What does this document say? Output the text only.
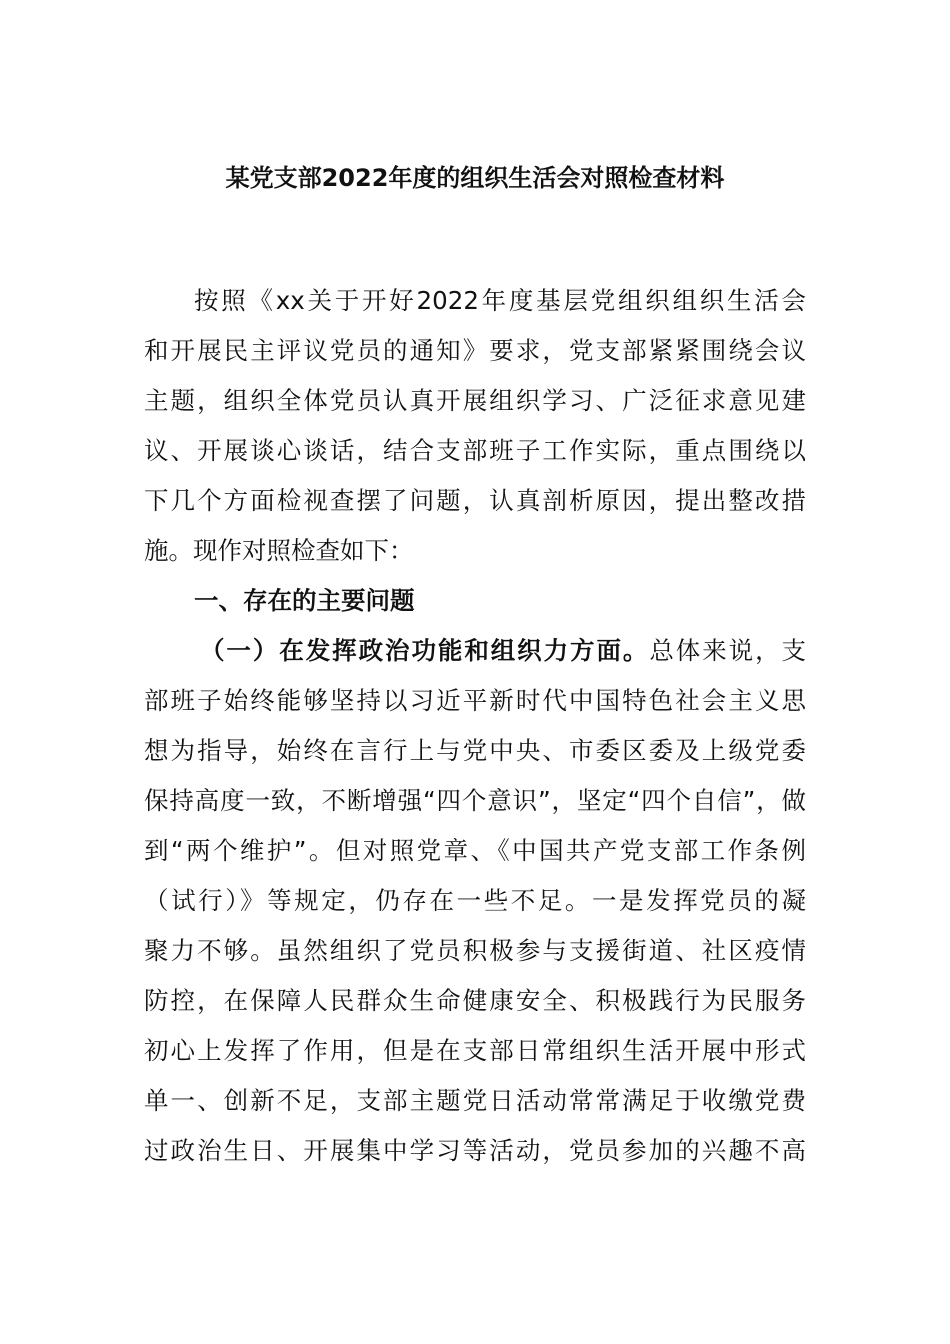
某党支部2022年度的组织生活会对照检查材料
按照《xx关于开好2022年度基层党组织组织生活会
和开展民主评议党员的通知》要求，党支部紧紧围绕会议
主题，组织全体党员认真开展组织学习、广泛征求意见建
议、开展谈心谈话，结合支部班子工作实际，重点围绕以
下几个方面检视查摆了问题，认真剖析原因，提出整改措
施。现作对照检查如下：
一、存在的主要问题
（一）在发挥政治功能和组织力方面。总体来说，支
部班子始终能够坚持以习近平新时代中国特色社会主义思
想为指导，始终在言行上与党中央、市委区委及上级党委
保持高度一致，不断增强“四个意识”，坚定“四个自信”，做
到“两个维护”。但对照党章、《中国共产党支部工作条例
（试行）》等规定，仍存在一些不足。一是发挥党员的凝
聚力不够。虽然组织了党员积极参与支援街道、社区疫情
防控，在保障人民群众生命健康安全、积极践行为民服务
初心上发挥了作用，但是在支部日常组织生活开展中形式
单一、创新不足，支部主题党日活动常常满足于收缴党费
过政治生日、开展集中学习等活动，党员参加的兴趣不高
